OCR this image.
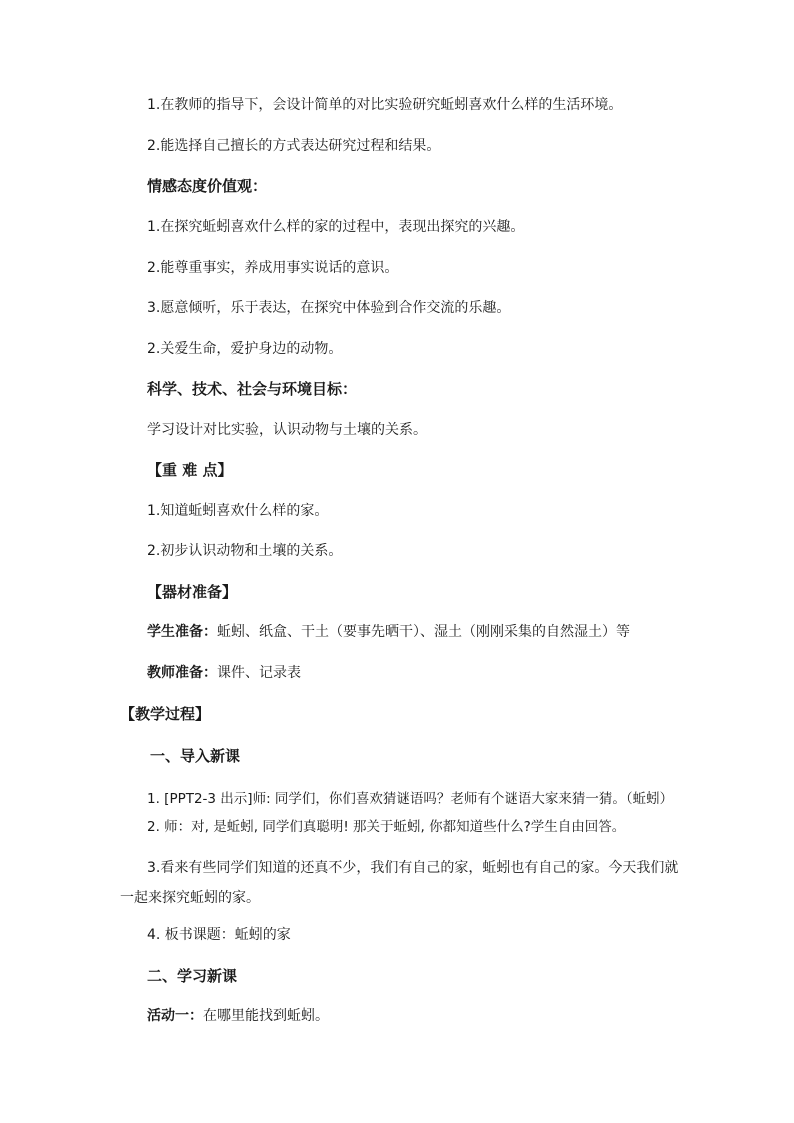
1.在教师的指导下，会设计简单的对比实验研究蚯蚓喜欢什么样的生活环境。
2.能选择自己擅长的方式表达研究过程和结果。
情感态度价值观：
1.在探究蚯蚓喜欢什么样的家的过程中，表现出探究的兴趣。
2.能尊重事实，养成用事实说话的意识。
3.愿意倾听，乐于表达，在探究中体验到合作交流的乐趣。
2.关爱生命，爱护身边的动物。
科学、技术、社会与环境目标：
学习设计对比实验，认识动物与土壤的关系。
【重 难 点】
1.知道蚯蚓喜欢什么样的家。
2.初步认识动物和土壤的关系。
【器材准备】
学生准备：蚯蚓、纸盒、干土（要事先晒干）、湿土（刚刚采集的自然湿土）等
教师准备：课件、记录表
【教学过程】
一、导入新课
1. [PPT2-3 出示]师: 同学们，你们喜欢猜谜语吗？老师有个谜语大家来猜一猜。（蚯蚓）
2. 师：对, 是蚯蚓, 同学们真聪明! 那关于蚯蚓, 你都知道些什么?学生自由回答。
3.看来有些同学们知道的还真不少，我们有自己的家，蚯蚓也有自己的家。今天我们就一起来探究蚯蚓的家。
4. 板书课题：蚯蚓的家
二、学习新课
活动一：在哪里能找到蚯蚓。
